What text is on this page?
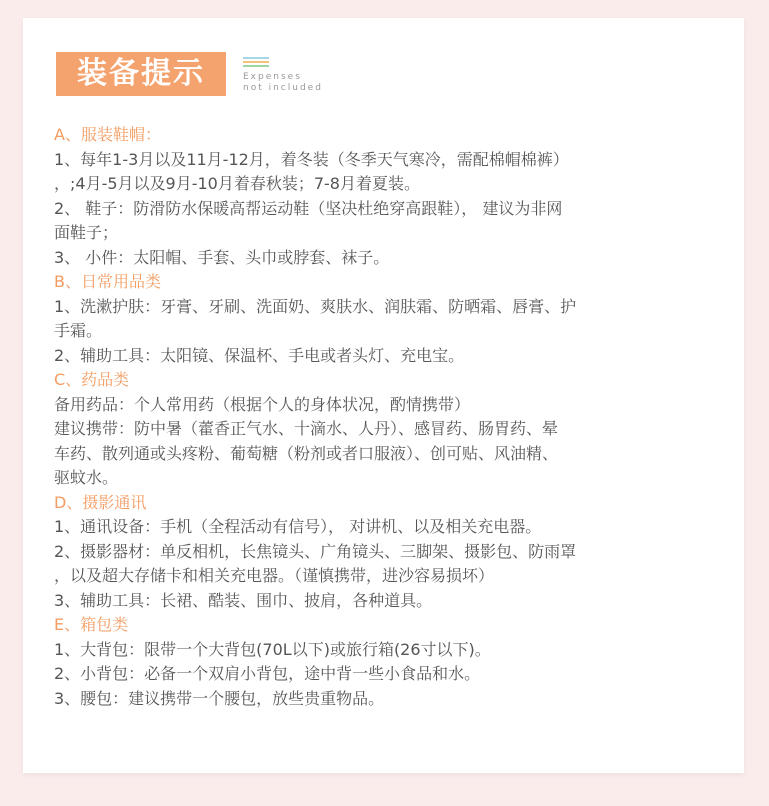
装备提示	Expenses
not included
A、服装鞋帽：
1、每年1-3月以及11月-12月，着冬装（冬季天气寒冷，需配棉帽棉裤）
，;4月-5月以及9月-10月着春秋装；7-8月着夏装。
2、 鞋子：防滑防水保暖高帮运动鞋（坚决杜绝穿高跟鞋）， 建议为非网
面鞋子；
3、 小件：太阳帽、手套、头巾或脖套、袜子。
B、日常用品类
1、洗漱护肤：牙膏、牙刷、洗面奶、爽肤水、润肤霜、防晒霜、唇膏、护
手霜。
2、辅助工具：太阳镜、保温杯、手电或者头灯、充电宝。
C、药品类
备用药品：个人常用药（根据个人的身体状况，酌情携带）
建议携带：防中暑（藿香正气水、十滴水、人丹）、感冒药、肠胃药、晕
车药、散列通或头疼粉、葡萄糖（粉剂或者口服液）、创可贴、风油精、
驱蚊水。
D、摄影通讯
1、通讯设备：手机（全程活动有信号）， 对讲机、以及相关充电器。
2、摄影器材：单反相机，长焦镜头、广角镜头、三脚架、摄影包、防雨罩
，以及超大存储卡和相关充电器。（谨慎携带，进沙容易损坏）
3、辅助工具：长裙、酷装、围巾、披肩，各种道具。
E、箱包类
1、大背包：限带一个大背包(70L以下)或旅行箱(26寸以下)。
2、小背包：必备一个双肩小背包，途中背一些小食品和水。
3、腰包：建议携带一个腰包，放些贵重物品。
